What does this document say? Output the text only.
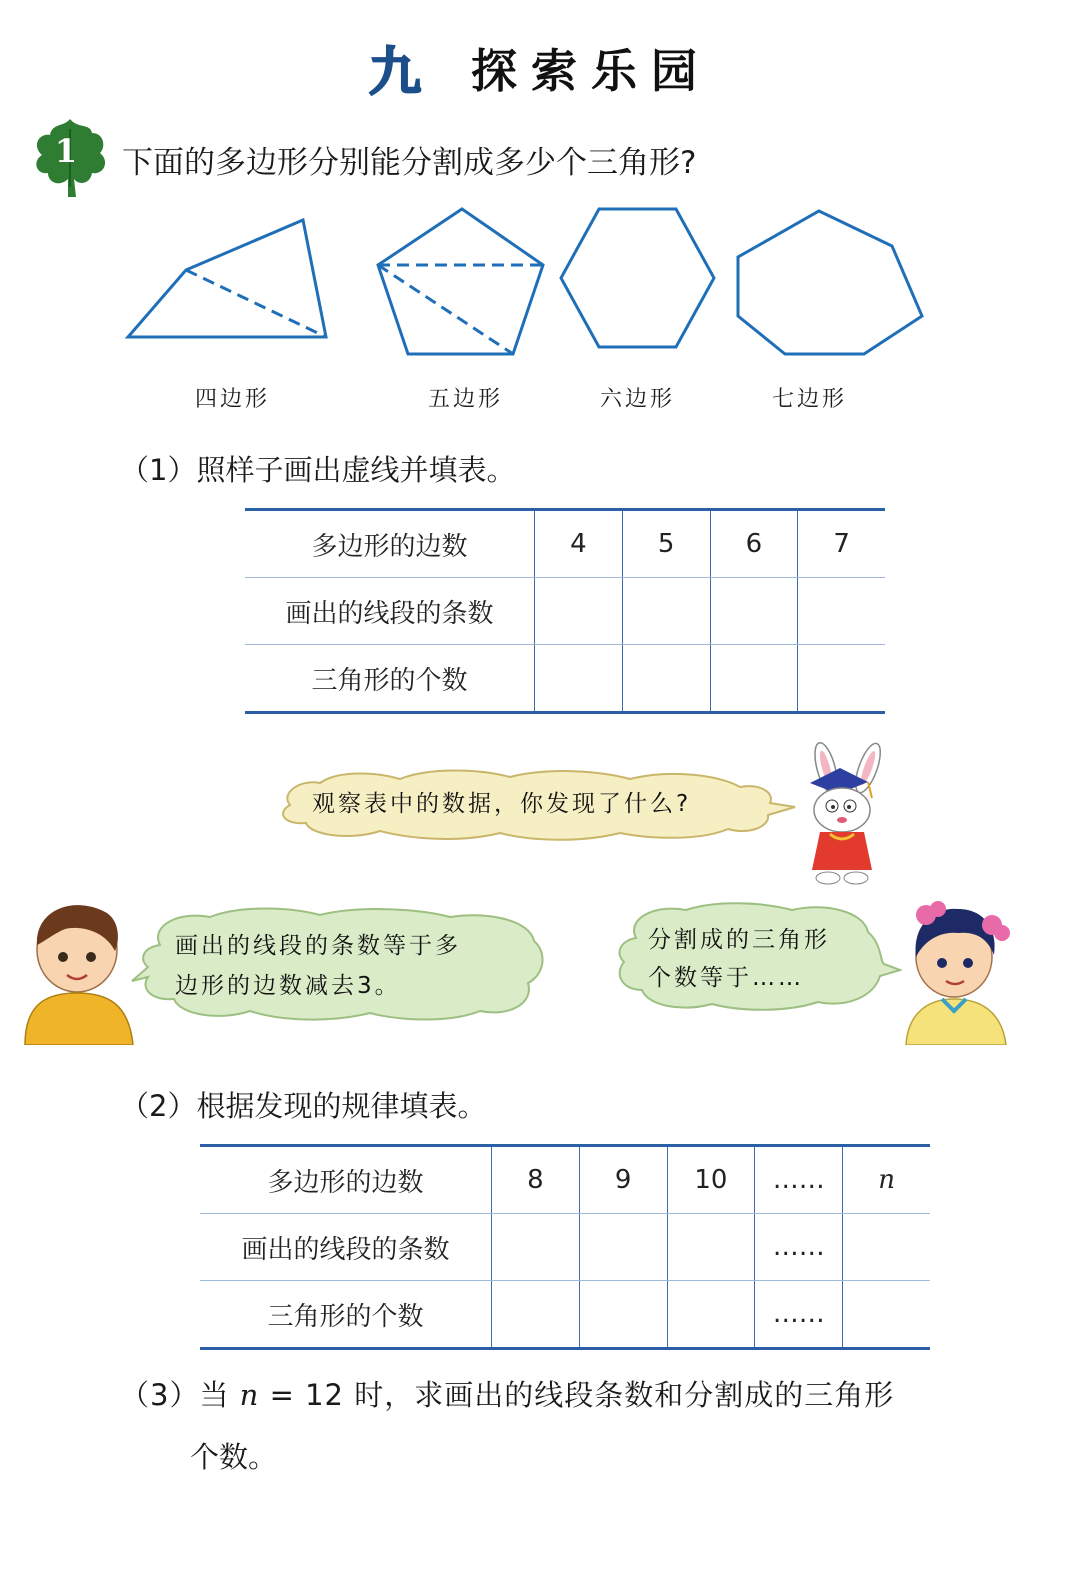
九 探索乐园
1	下面的多边形分别能分割成多少个三角形?
四边形	五边形	六边形	七边形
（1）照样子画出虚线并填表。
多边形的边数	4	5	6	7
画出的线段的条数				
三角形的个数				
观察表中的数据，你发现了什么?
画出的线段的条数等于多
边形的边数减去3。
分割成的三角形
个数等于……
（2）根据发现的规律填表。
多边形的边数	8	9	10	……	n
画出的线段的条数				……	
三角形的个数				……	
（3）当 n = 12 时，求画出的线段条数和分割成的三角形
个数。
